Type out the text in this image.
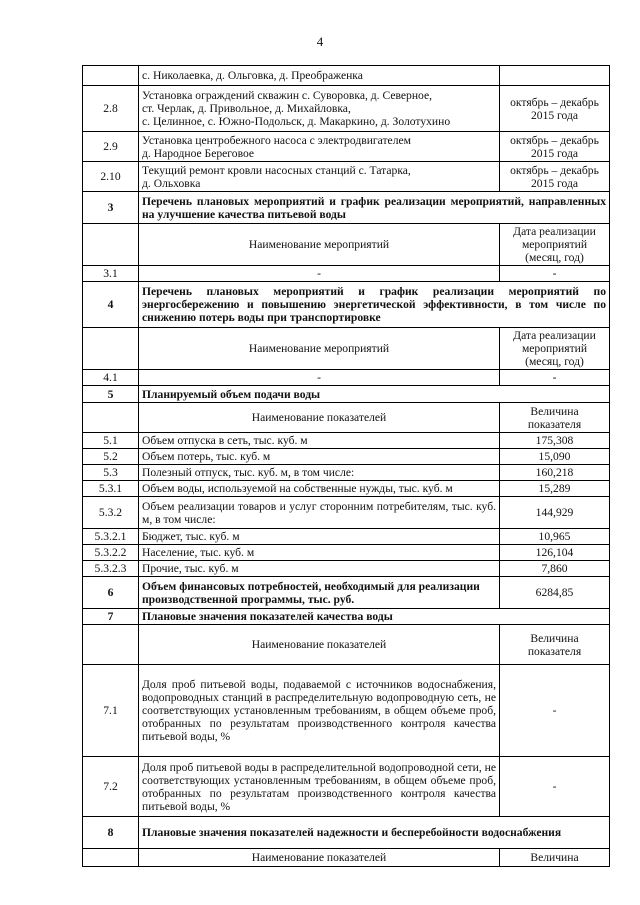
4
	с. Николаевка, д. Ольговка, д. Преображенка	
2.8	Установка ограждений скважин с. Суворовка, д. Северное,
ст. Черлак, д. Привольное, д. Михайловка,
с. Целинное, с. Южно-Подольск, д. Макаркино, д. Золотухино	октябрь – декабрь 2015 года
2.9	Установка центробежного насоса с электродвигателем
д. Народное Береговое	октябрь – декабрь 2015 года
2.10	Текущий ремонт кровли насосных станций с. Татарка,
д. Ольховка	октябрь – декабрь 2015 года
3	Перечень плановых мероприятий и график реализации мероприятий, направленных на улучшение качества питьевой воды	
	Наименование мероприятий	Дата реализации мероприятий (месяц, год)
3.1	-	-
4	Перечень плановых мероприятий и график реализации мероприятий по энергосбережению и повышению энергетической эффективности, в том числе по снижению потерь воды при транспортировке	
	Наименование мероприятий	Дата реализации мероприятий (месяц, год)
4.1	-	-
5	Планируемый объем подачи воды	
	Наименование показателей	Величина показателя
5.1	Объем отпуска в сеть, тыс. куб. м	175,308
5.2	Объем потерь, тыс. куб. м	15,090
5.3	Полезный отпуск, тыс. куб. м, в том числе:	160,218
5.3.1	Объем воды, используемой на собственные нужды, тыс. куб. м	15,289
5.3.2	Объем реализации товаров и услуг сторонним потребителям, тыс. куб. м, в том числе:	144,929
5.3.2.1	Бюджет, тыс. куб. м	10,965
5.3.2.2	Население, тыс. куб. м	126,104
5.3.2.3	Прочие, тыс. куб. м	7,860
6	Объем финансовых потребностей, необходимый для реализации производственной программы, тыс. руб.	6284,85
7	Плановые значения показателей качества воды	
	Наименование показателей	Величина показателя
7.1	Доля проб питьевой воды, подаваемой с источников водоснабжения, водопроводных станций в распределительную водопроводную сеть, не соответствующих установленным требованиям, в общем объеме проб, отобранных по результатам производственного контроля качества питьевой воды, %	-
7.2	Доля проб питьевой воды в распределительной водопроводной сети, не соответствующих установленным требованиям, в общем объеме проб, отобранных по результатам производственного контроля качества питьевой воды, %	-
8	Плановые значения показателей надежности и бесперебойности водоснабжения	
	Наименование показателей	Величина
